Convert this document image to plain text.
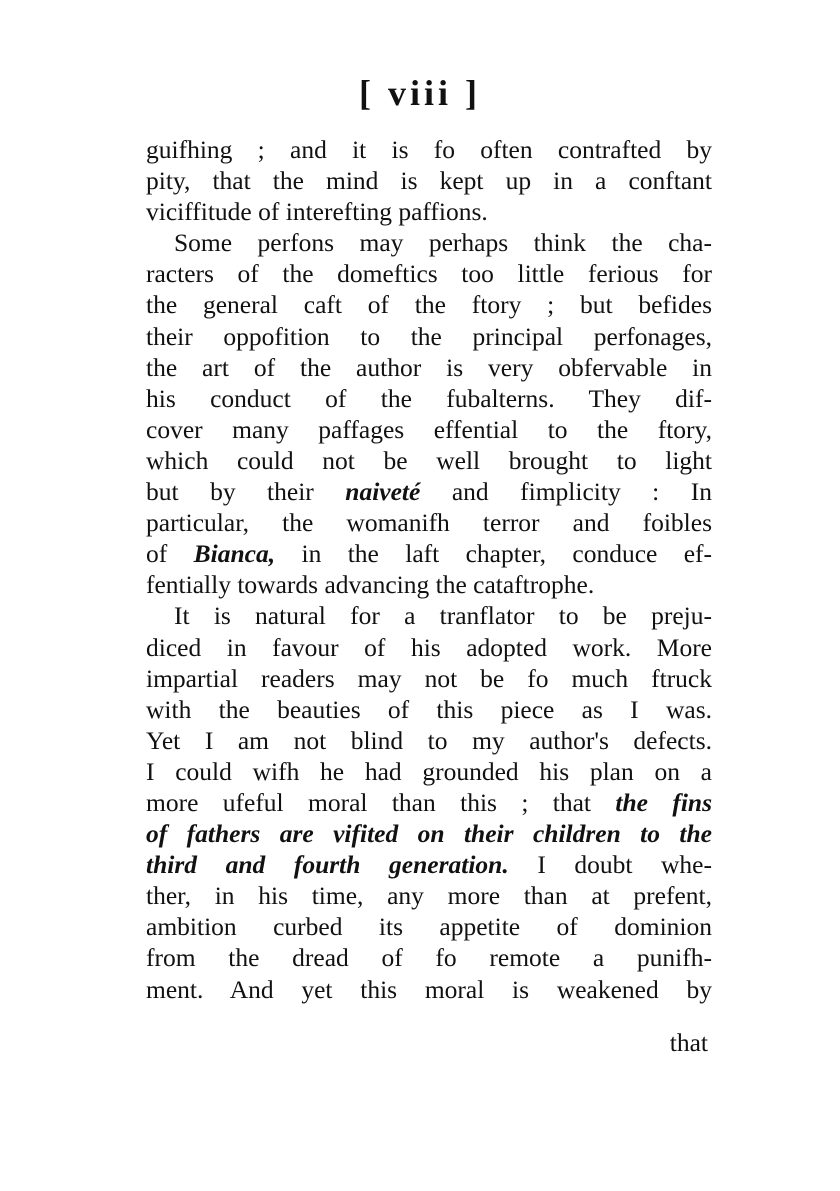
[ viii ]
guifhing ; and it is fo often contrafted by
pity, that the mind is kept up in a conftant
viciffitude of interefting paffions.
Some perfons may perhaps think the cha-
racters of the domeftics too little ferious for
the general caft of the ftory ; but befides
their oppofition to the principal perfonages,
the art of the author is very obfervable in
his conduct of the fubalterns. They dif-
cover many paffages effential to the ftory,
which could not be well brought to light
but by their naiveté and fimplicity : In
particular, the womanifh terror and foibles
of Bianca, in the laft chapter, conduce ef-
fentially towards advancing the cataftrophe.
It is natural for a tranflator to be preju-
diced in favour of his adopted work. More
impartial readers may not be fo much ftruck
with the beauties of this piece as I was.
Yet I am not blind to my author's defects.
I could wifh he had grounded his plan on a
more ufeful moral than this ; that the fins
of fathers are vifited on their children to the
third and fourth generation. I doubt whe-
ther, in his time, any more than at prefent,
ambition curbed its appetite of dominion
from the dread of fo remote a punifh-
ment. And yet this moral is weakened by
that
